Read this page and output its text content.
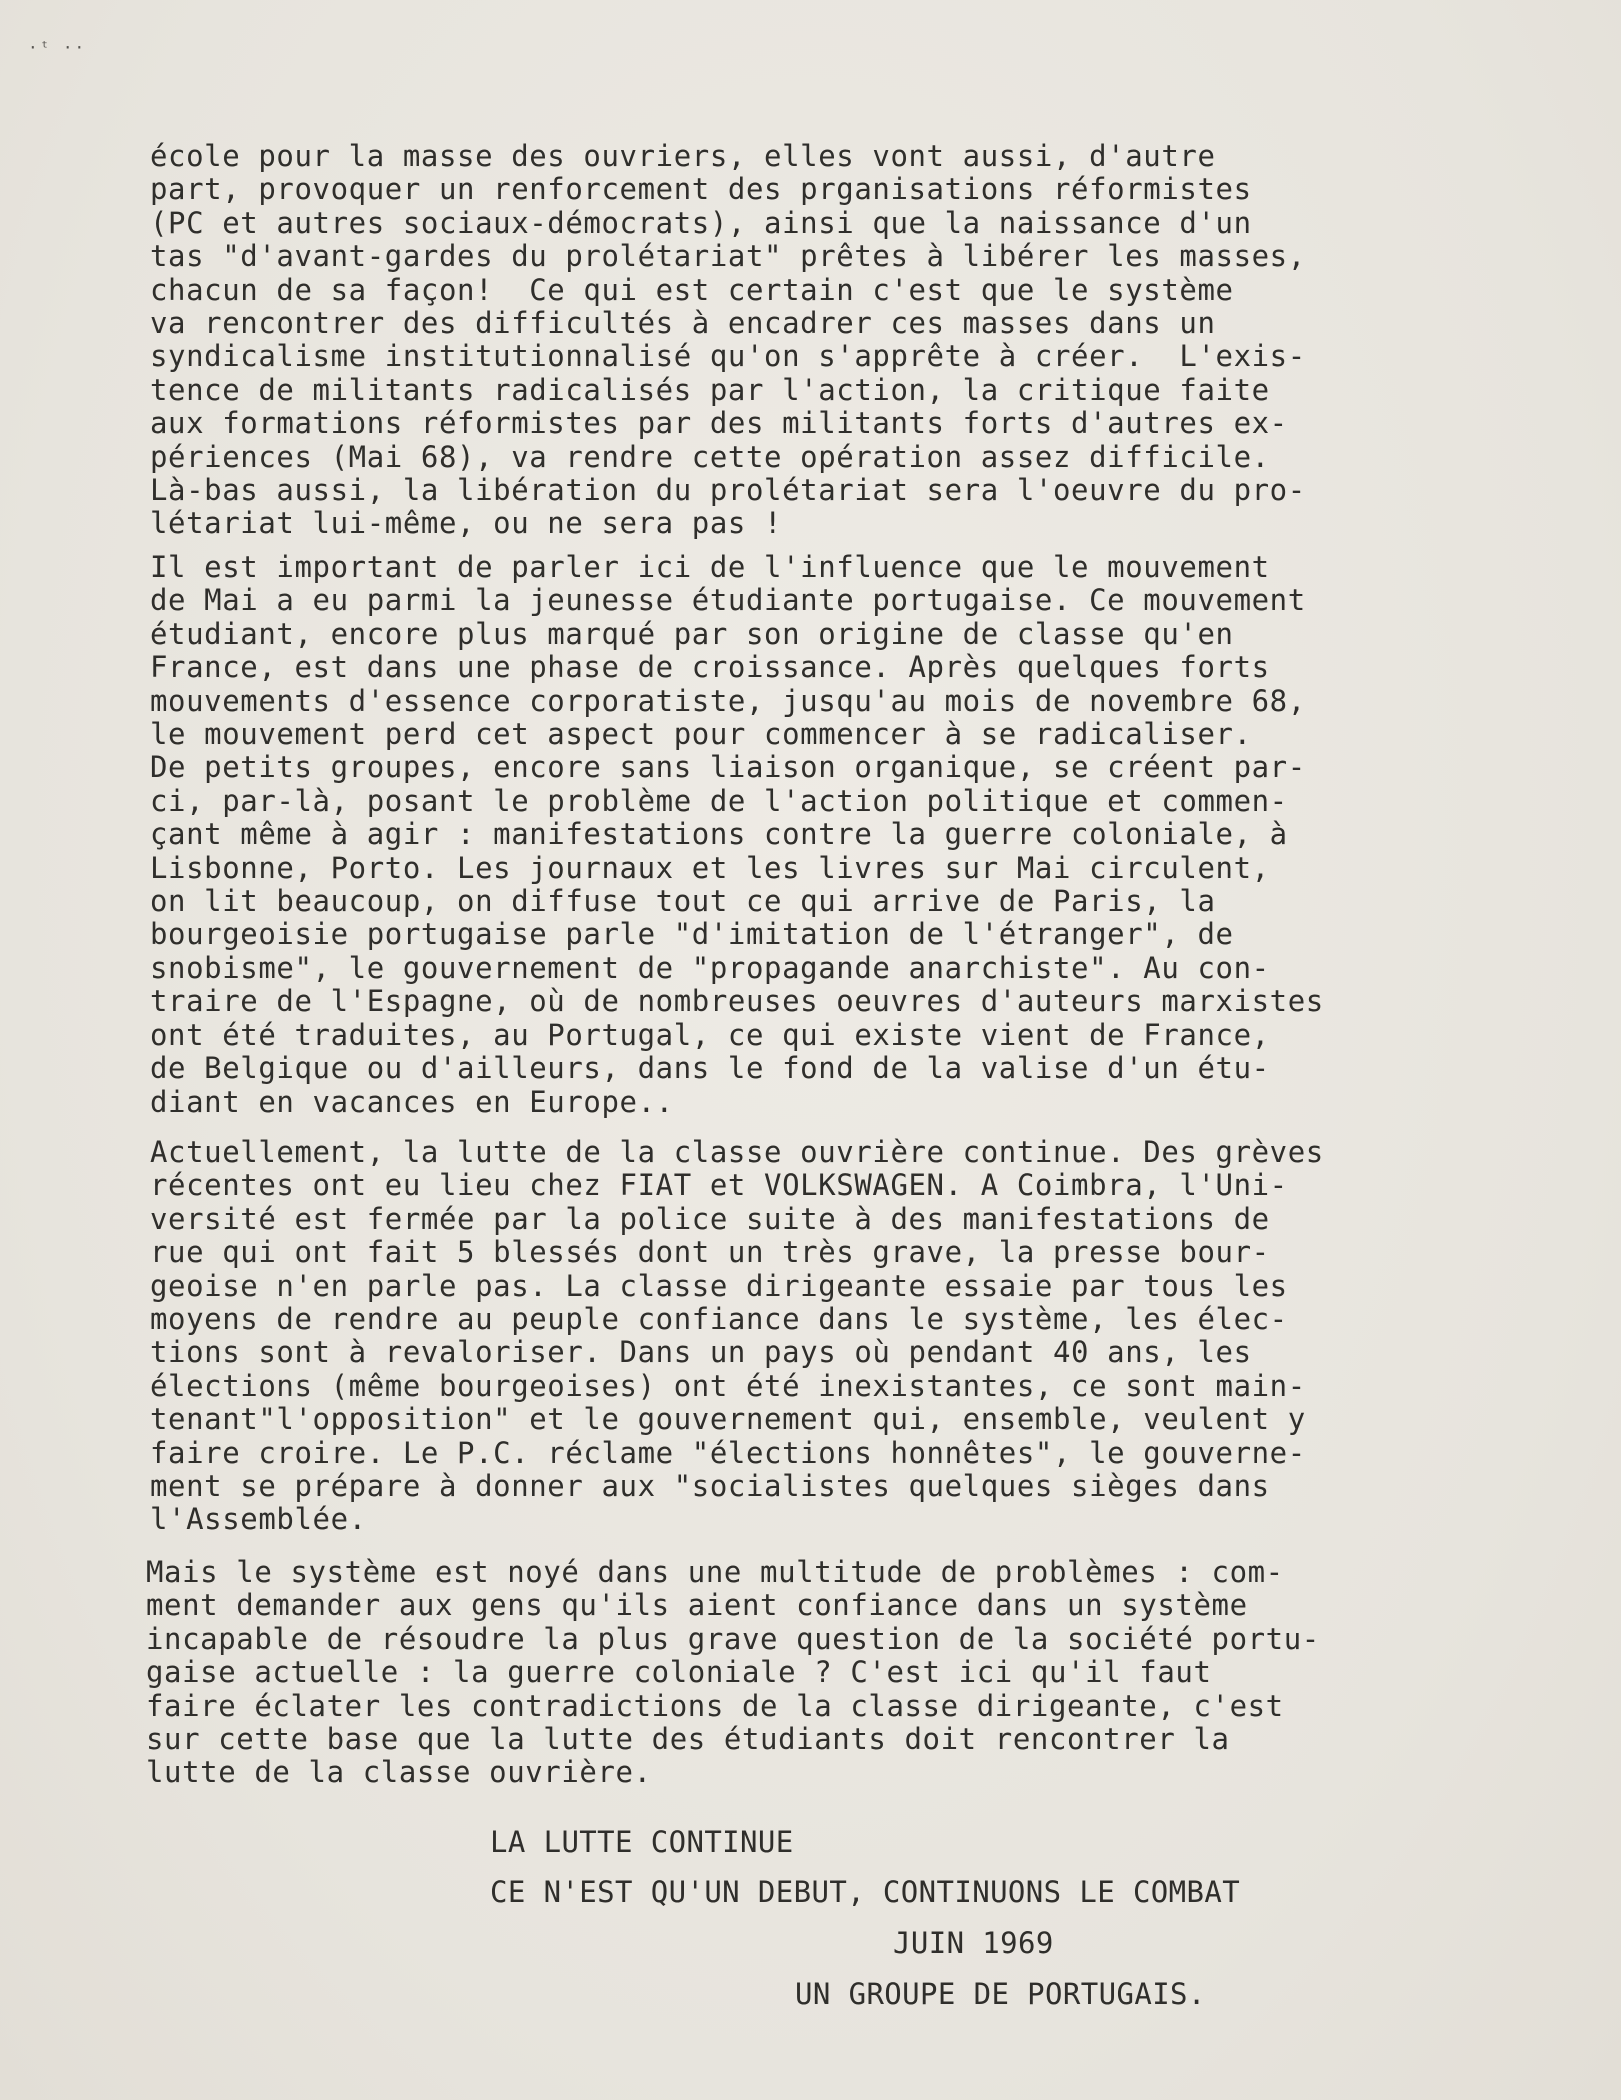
·ᵗ ··

école pour la masse des ouvriers, elles vont aussi, d'autre
part, provoquer un renforcement des prganisations réformistes
(PC et autres sociaux-démocrats), ainsi que la naissance d'un
tas "d'avant-gardes du prolétariat" prêtes à libérer les masses,
chacun de sa façon!  Ce qui est certain c'est que le système
va rencontrer des difficultés à encadrer ces masses dans un
syndicalisme institutionnalisé qu'on s'apprête à créer.  L'exis-
tence de militants radicalisés par l'action, la critique faite
aux formations réformistes par des militants forts d'autres ex-
périences (Mai 68), va rendre cette opération assez difficile.
Là-bas aussi, la libération du prolétariat sera l'oeuvre du pro-
létariat lui-même, ou ne sera pas !

Il est important de parler ici de l'influence que le mouvement
de Mai a eu parmi la jeunesse étudiante portugaise. Ce mouvement
étudiant, encore plus marqué par son origine de classe qu'en
France, est dans une phase de croissance. Après quelques forts
mouvements d'essence corporatiste, jusqu'au mois de novembre 68,
le mouvement perd cet aspect pour commencer à se radicaliser.
De petits groupes, encore sans liaison organique, se créent par-
ci, par-là, posant le problème de l'action politique et commen-
çant même à agir : manifestations contre la guerre coloniale, à
Lisbonne, Porto. Les journaux et les livres sur Mai circulent,
on lit beaucoup, on diffuse tout ce qui arrive de Paris, la
bourgeoisie portugaise parle "d'imitation de l'étranger", de
snobisme", le gouvernement de "propagande anarchiste". Au con-
traire de l'Espagne, où de nombreuses oeuvres d'auteurs marxistes
ont été traduites, au Portugal, ce qui existe vient de France,
de Belgique ou d'ailleurs, dans le fond de la valise d'un étu-
diant en vacances en Europe..

Actuellement, la lutte de la classe ouvrière continue. Des grèves
récentes ont eu lieu chez FIAT et VOLKSWAGEN. A Coimbra, l'Uni-
versité est fermée par la police suite à des manifestations de
rue qui ont fait 5 blessés dont un très grave, la presse bour-
geoise n'en parle pas. La classe dirigeante essaie par tous les
moyens de rendre au peuple confiance dans le système, les élec-
tions sont à revaloriser. Dans un pays où pendant 40 ans, les
élections (même bourgeoises) ont été inexistantes, ce sont main-
tenant"l'opposition" et le gouvernement qui, ensemble, veulent y
faire croire. Le P.C. réclame "élections honnêtes", le gouverne-
ment se prépare à donner aux "socialistes quelques sièges dans
l'Assemblée.

Mais le système est noyé dans une multitude de problèmes : com-
ment demander aux gens qu'ils aient confiance dans un système
incapable de résoudre la plus grave question de la société portu-
gaise actuelle : la guerre coloniale ? C'est ici qu'il faut
faire éclater les contradictions de la classe dirigeante, c'est
sur cette base que la lutte des étudiants doit rencontrer la
lutte de la classe ouvrière.

LA LUTTE CONTINUE

CE N'EST QU'UN DEBUT, CONTINUONS LE COMBAT

JUIN 1969

UN GROUPE DE PORTUGAIS.
